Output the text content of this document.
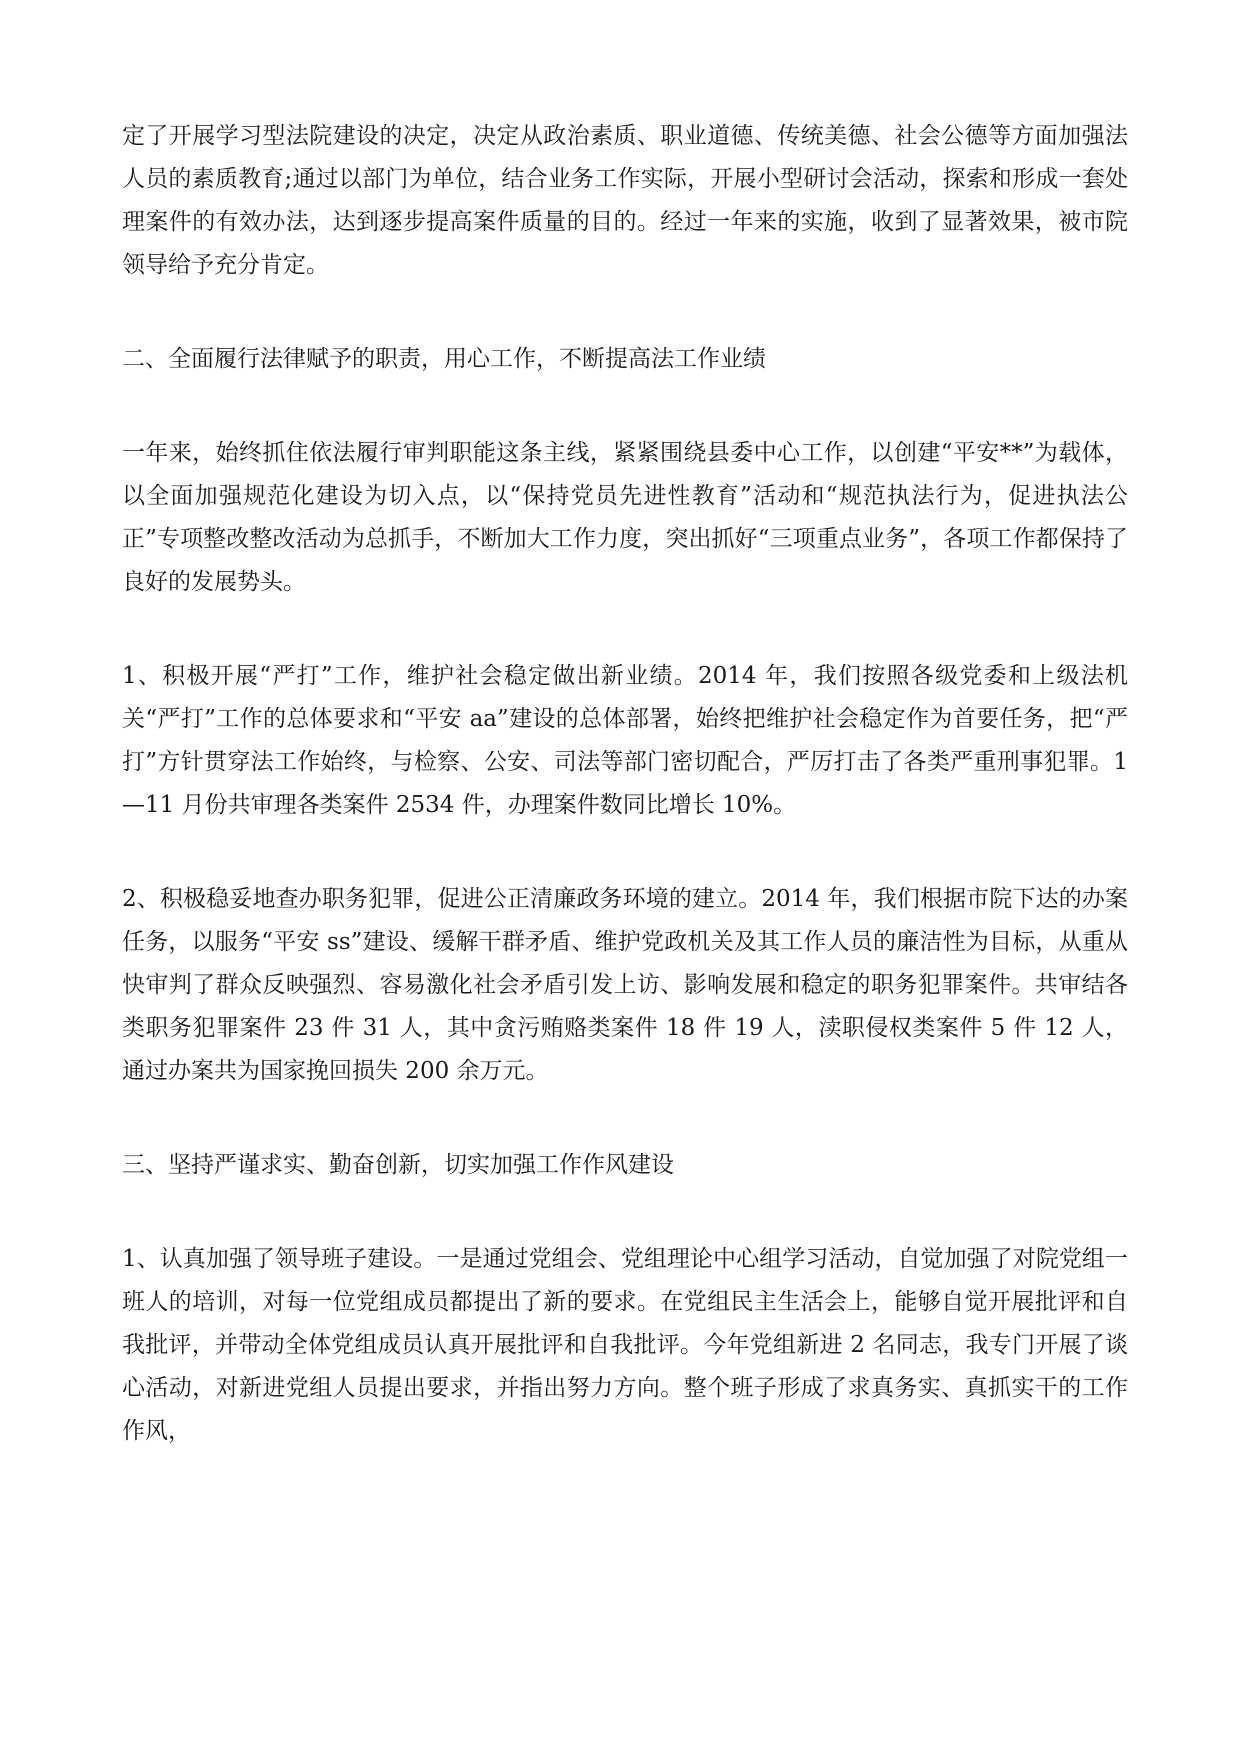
定了开展学习型法院建设的决定，决定从政治素质、职业道德、传统美德、社会公德等方面加强法人员的素质教育;通过以部门为单位，结合业务工作实际，开展小型研讨会活动，探索和形成一套处理案件的有效办法，达到逐步提高案件质量的目的。经过一年来的实施，收到了显著效果，被市院领导给予充分肯定。

二、全面履行法律赋予的职责，用心工作，不断提高法工作业绩

一年来，始终抓住依法履行审判职能这条主线，紧紧围绕县委中心工作，以创建“平安**”为载体，以全面加强规范化建设为切入点，以“保持党员先进性教育”活动和“规范执法行为，促进执法公正”专项整改整改活动为总抓手，不断加大工作力度，突出抓好“三项重点业务”，各项工作都保持了良好的发展势头。

1、积极开展“严打”工作，维护社会稳定做出新业绩。2014 年，我们按照各级党委和上级法机关“严打”工作的总体要求和“平安 aa”建设的总体部署，始终把维护社会稳定作为首要任务，把“严打”方针贯穿法工作始终，与检察、公安、司法等部门密切配合，严厉打击了各类严重刑事犯罪。1—11 月份共审理各类案件 2534 件，办理案件数同比增长 10%。

2、积极稳妥地查办职务犯罪，促进公正清廉政务环境的建立。2014 年，我们根据市院下达的办案任务，以服务“平安 ss”建设、缓解干群矛盾、维护党政机关及其工作人员的廉洁性为目标，从重从快审判了群众反映强烈、容易激化社会矛盾引发上访、影响发展和稳定的职务犯罪案件。共审结各类职务犯罪案件 23 件 31 人，其中贪污贿赂类案件 18 件 19 人，渎职侵权类案件 5 件 12 人，通过办案共为国家挽回损失 200 余万元。

三、坚持严谨求实、勤奋创新，切实加强工作作风建设

1、认真加强了领导班子建设。一是通过党组会、党组理论中心组学习活动，自觉加强了对院党组一班人的培训，对每一位党组成员都提出了新的要求。在党组民主生活会上，能够自觉开展批评和自我批评，并带动全体党组成员认真开展批评和自我批评。今年党组新进 2 名同志，我专门开展了谈心活动，对新进党组人员提出要求，并指出努力方向。整个班子形成了求真务实、真抓实干的工作作风，
